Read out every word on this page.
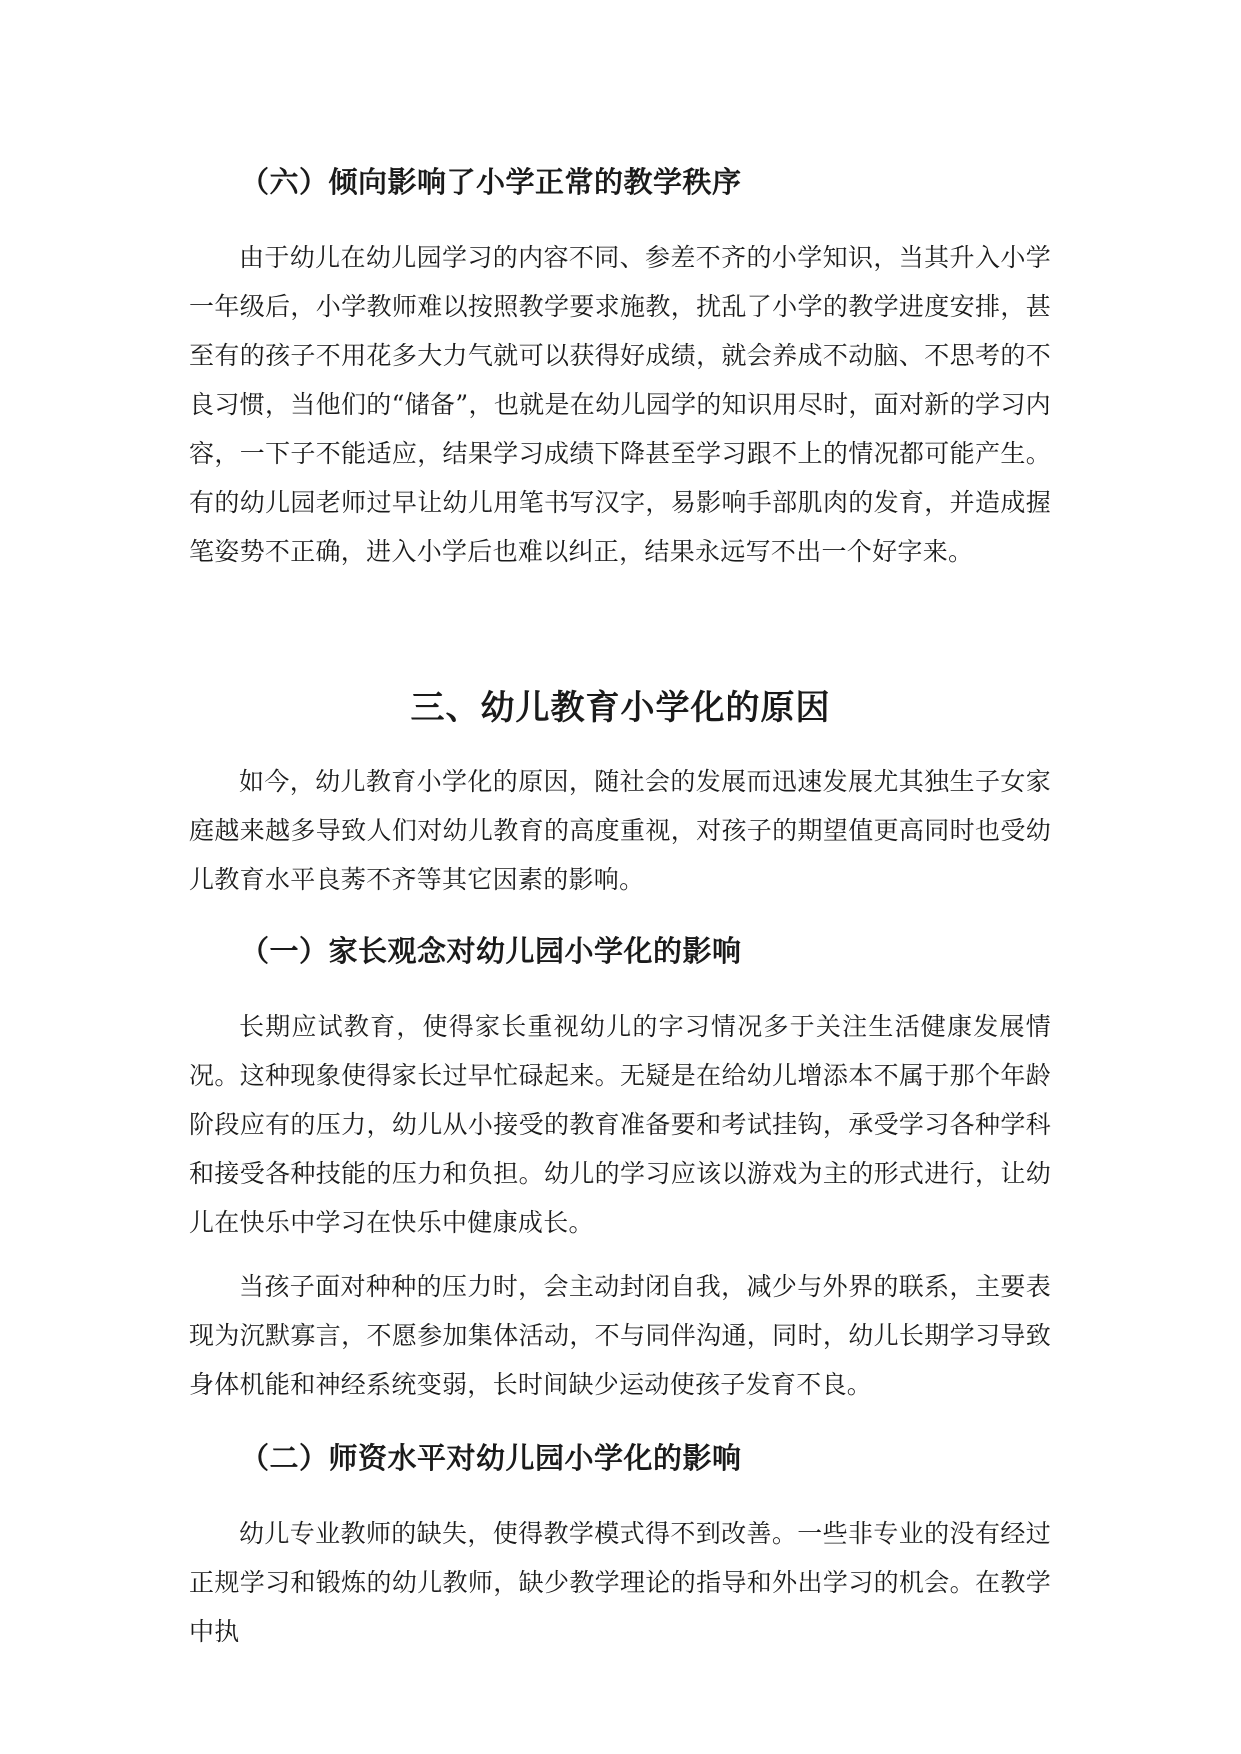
（六）倾向影响了小学正常的教学秩序

由于幼儿在幼儿园学习的内容不同、参差不齐的小学知识，当其升入小学一年级后，小学教师难以按照教学要求施教，扰乱了小学的教学进度安排，甚至有的孩子不用花多大力气就可以获得好成绩，就会养成不动脑、不思考的不良习惯，当他们的“储备”，也就是在幼儿园学的知识用尽时，面对新的学习内容，一下子不能适应，结果学习成绩下降甚至学习跟不上的情况都可能产生。有的幼儿园老师过早让幼儿用笔书写汉字，易影响手部肌肉的发育，并造成握笔姿势不正确，进入小学后也难以纠正，结果永远写不出一个好字来。

三、幼儿教育小学化的原因

如今，幼儿教育小学化的原因，随社会的发展而迅速发展尤其独生子女家庭越来越多导致人们对幼儿教育的高度重视，对孩子的期望值更高同时也受幼儿教育水平良莠不齐等其它因素的影响。

（一）家长观念对幼儿园小学化的影响

长期应试教育，使得家长重视幼儿的字习情况多于关注生活健康发展情况。这种现象使得家长过早忙碌起来。无疑是在给幼儿增添本不属于那个年龄阶段应有的压力，幼儿从小接受的教育准备要和考试挂钩，承受学习各种学科和接受各种技能的压力和负担。幼儿的学习应该以游戏为主的形式进行，让幼儿在快乐中学习在快乐中健康成长。

当孩子面对种种的压力时，会主动封闭自我，减少与外界的联系，主要表现为沉默寡言，不愿参加集体活动，不与同伴沟通，同时，幼儿长期学习导致身体机能和神经系统变弱，长时间缺少运动使孩子发育不良。

（二）师资水平对幼儿园小学化的影响

幼儿专业教师的缺失，使得教学模式得不到改善。一些非专业的没有经过正规学习和锻炼的幼儿教师，缺少教学理论的指导和外出学习的机会。在教学中执
